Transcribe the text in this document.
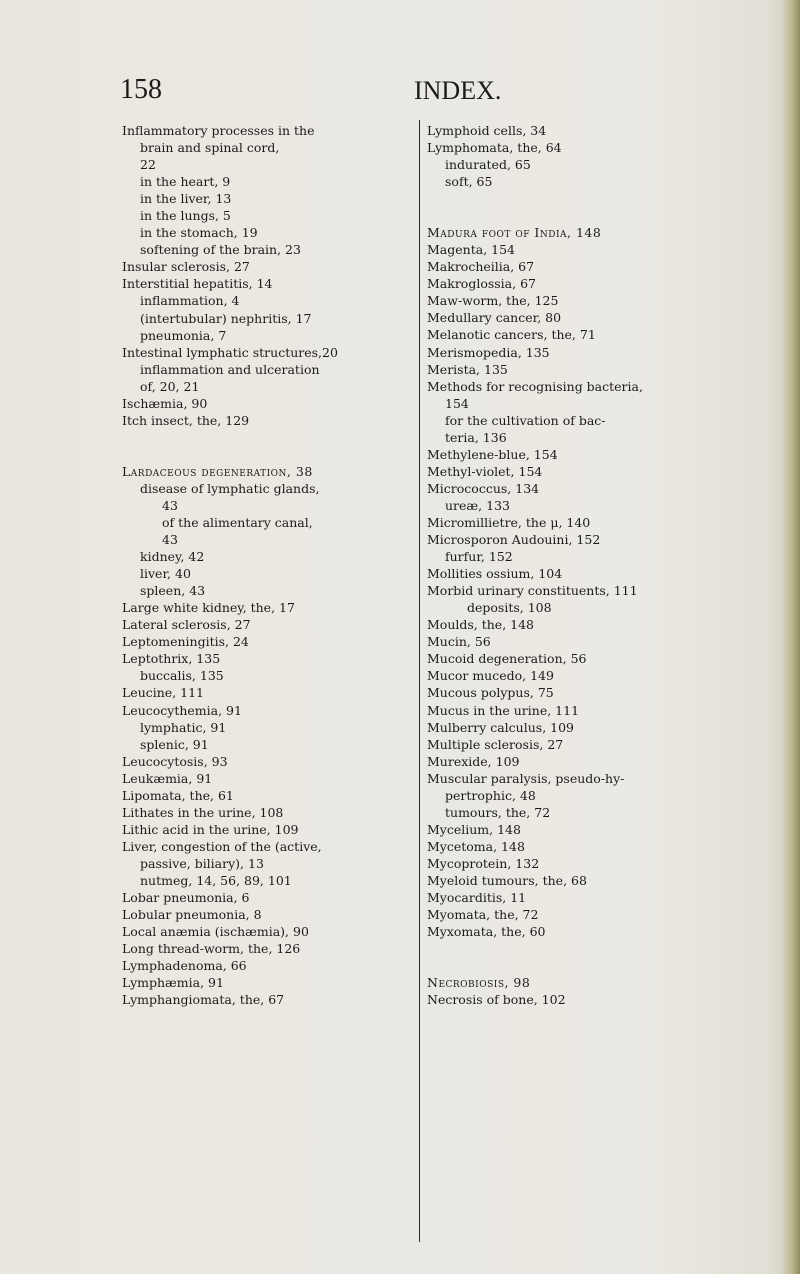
158	INDEX.
Inflammatory processes in the
brain and spinal cord,
22
in the heart, 9
in the liver, 13
in the lungs, 5
in the stomach, 19
softening of the brain, 23
Insular sclerosis, 27
Interstitial hepatitis, 14
inflammation, 4
(intertubular) nephritis, 17
pneumonia, 7
Intestinal lymphatic structures,20
inflammation and ulceration
of, 20, 21
Ischæmia, 90
Itch insect, the, 129
Lardaceous degeneration, 38
disease of lymphatic glands,
43
of the alimentary canal,
43
kidney, 42
liver, 40
spleen, 43
Large white kidney, the, 17
Lateral sclerosis, 27
Leptomeningitis, 24
Leptothrix, 135
buccalis, 135
Leucine, 111
Leucocythemia, 91
lymphatic, 91
splenic, 91
Leucocytosis, 93
Leukæmia, 91
Lipomata, the, 61
Lithates in the urine, 108
Lithic acid in the urine, 109
Liver, congestion of the (active,
passive, biliary), 13
nutmeg, 14, 56, 89, 101
Lobar pneumonia, 6
Lobular pneumonia, 8
Local anæmia (ischæmia), 90
Long thread-worm, the, 126
Lymphadenoma, 66
Lymphæmia, 91
Lymphangiomata, the, 67
Lymphoid cells, 34
Lymphomata, the, 64
indurated, 65
soft, 65
Madura foot of India, 148
Magenta, 154
Makrocheilia, 67
Makroglossia, 67
Maw-worm, the, 125
Medullary cancer, 80
Melanotic cancers, the, 71
Merismopedia, 135
Merista, 135
Methods for recognising bacteria,
154
for the cultivation of bac-
teria, 136
Methylene-blue, 154
Methyl-violet, 154
Micrococcus, 134
ureæ, 133
Micromillietre, the μ, 140
Microsporon Audouini, 152
furfur, 152
Mollities ossium, 104
Morbid urinary constituents, 111
deposits, 108
Moulds, the, 148
Mucin, 56
Mucoid degeneration, 56
Mucor mucedo, 149
Mucous polypus, 75
Mucus in the urine, 111
Mulberry calculus, 109
Multiple sclerosis, 27
Murexide, 109
Muscular paralysis, pseudo-hy-
pertrophic, 48
tumours, the, 72
Mycelium, 148
Mycetoma, 148
Mycoprotein, 132
Myeloid tumours, the, 68
Myocarditis, 11
Myomata, the, 72
Myxomata, the, 60
Necrobiosis, 98
Necrosis of bone, 102
